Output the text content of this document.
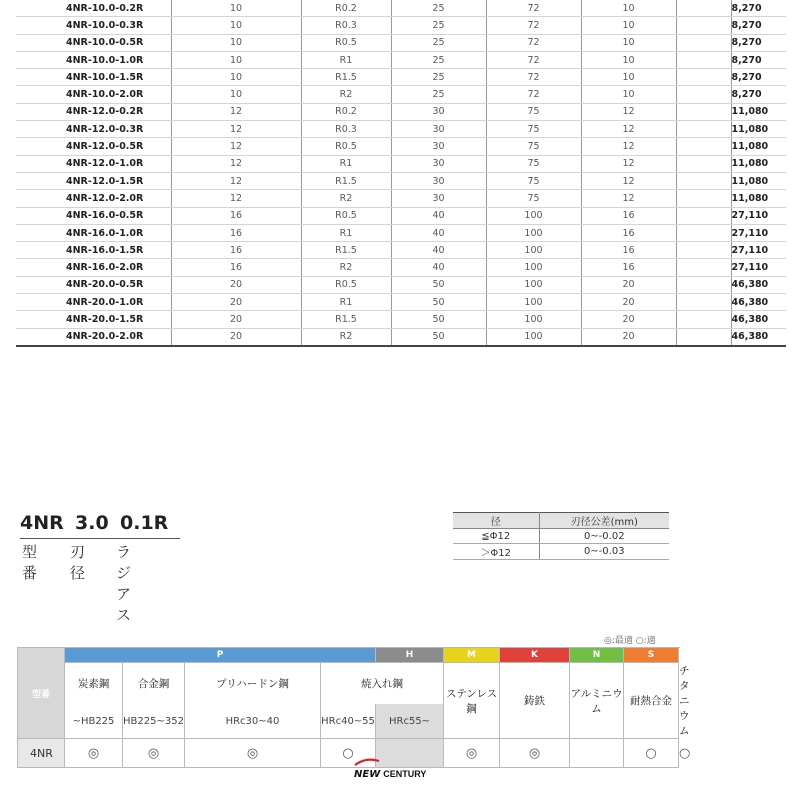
4NR-10.0-0.2R	10	R0.2	25	72	10		8,270
4NR-10.0-0.3R	10	R0.3	25	72	10		8,270
4NR-10.0-0.5R	10	R0.5	25	72	10		8,270
4NR-10.0-1.0R	10	R1	25	72	10		8,270
4NR-10.0-1.5R	10	R1.5	25	72	10		8,270
4NR-10.0-2.0R	10	R2	25	72	10		8,270
4NR-12.0-0.2R	12	R0.2	30	75	12		11,080
4NR-12.0-0.3R	12	R0.3	30	75	12		11,080
4NR-12.0-0.5R	12	R0.5	30	75	12		11,080
4NR-12.0-1.0R	12	R1	30	75	12		11,080
4NR-12.0-1.5R	12	R1.5	30	75	12		11,080
4NR-12.0-2.0R	12	R2	30	75	12		11,080
4NR-16.0-0.5R	16	R0.5	40	100	16		27,110
4NR-16.0-1.0R	16	R1	40	100	16		27,110
4NR-16.0-1.5R	16	R1.5	40	100	16		27,110
4NR-16.0-2.0R	16	R2	40	100	16		27,110
4NR-20.0-0.5R	20	R0.5	50	100	20		46,380
4NR-20.0-1.0R	20	R1	50	100	20		46,380
4NR-20.0-1.5R	20	R1.5	50	100	20		46,380
4NR-20.0-2.0R	20	R2	50	100	20		46,380
4NR 3.0 0.1R
型番
刃径
ラジアス
径	刃径公差(mm)
≦Φ12	0~-0.02
＞Φ12	0~-0.03
◎:最適 ○:適
型番	P				H	M	K	N	S	
	炭素鋼	合金鋼	プリハードン鋼	焼入れ鋼		ステンレス鋼	鋳鉄	アルミニウム	耐熱合金	チタニウム
	~HB225	HB225~352	HRc30~40	HRc40~55	HRc55~					
4NR	◎	◎	◎	○		◎	◎		○	○
NEW CENTURY
